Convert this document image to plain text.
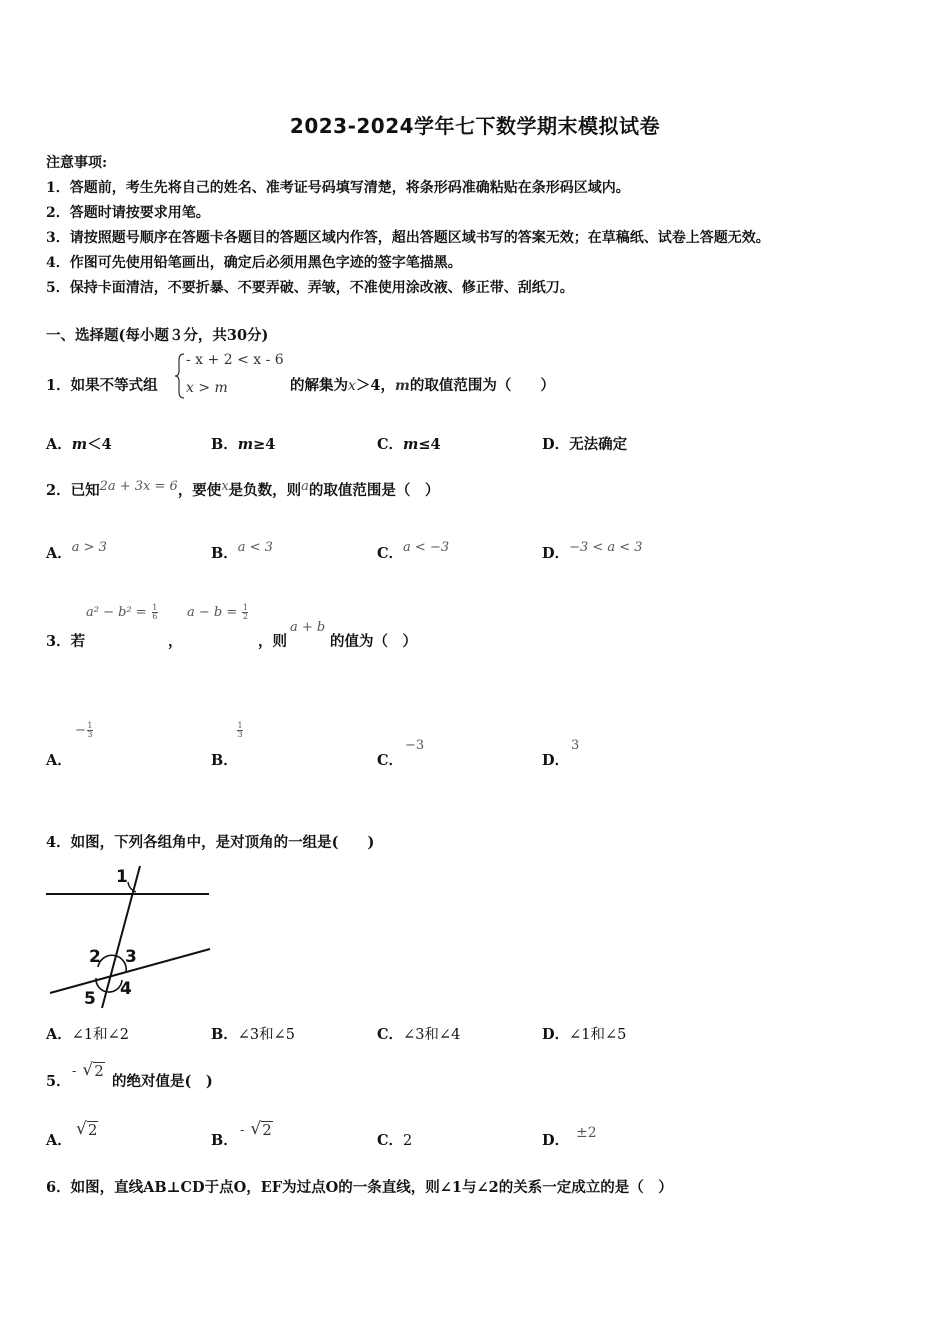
2023-2024学年七下数学期末模拟试卷
注意事项:
1．答题前，考生先将自己的姓名、准考证号码填写清楚，将条形码准确粘贴在条形码区域内。
2．答题时请按要求用笔。
3．请按照题号顺序在答题卡各题目的答题区域内作答，超出答题区域书写的答案无效；在草稿纸、试卷上答题无效。
4．作图可先使用铅笔画出，确定后必须用黑色字迹的签字笔描黑。
5．保持卡面清洁，不要折暴、不要弄破、弄皱，不准使用涂改液、修正带、刮纸刀。
一、选择题(每小题３分，共30分)
1．如果不等式组
- x + 2 < x - 6
x > m	的解集为x＞4，m的取值范围为（　　）
A．m＜4	B．m≥4	C．m≤4	D．无法确定
2．已知2a + 3x = 6，要使x是负数，则a的取值范围是（　）
A．a > 3	B．a < 3	C．a < −3	D．−3 < a < 3
$a^2 - b^2 = \frac{1}{6}$ $a - b = \frac{1}{2}$
3．若	，	，则
a + b
的值为（　）
A．
− $\frac{1}{3}$
B．
$\frac{1}{3}$
C．
−3
D．
3
4．如图，下列各组角中，是对顶角的一组是(　　)
1
2 3
4
5
A．∠1和∠2	B．∠3和∠5	C．∠3和∠4	D．∠1和∠5
5．
- √ 2
的绝对值是(　)
A．
√ 2
B．
- √ 2
C．2	D． ±2
6．如图，直线AB⊥CD于点O，EF为过点O的一条直线，则∠1与∠2的关系一定成立的是（　）
